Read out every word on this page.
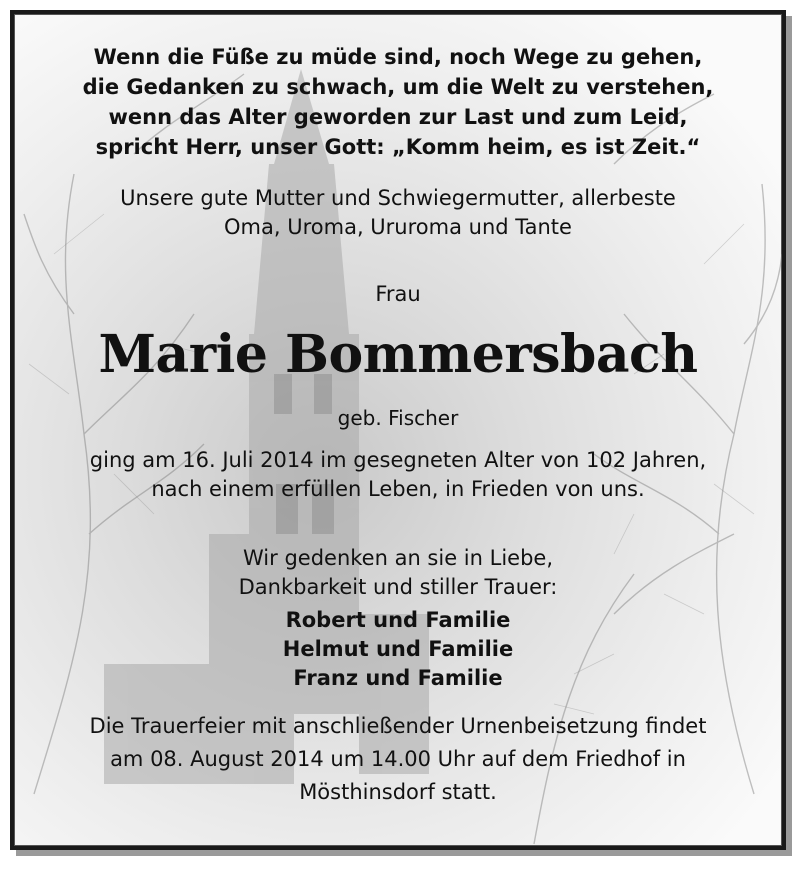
Wenn die Füße zu müde sind, noch Wege zu gehen,
die Gedanken zu schwach, um die Welt zu verstehen,
wenn das Alter geworden zur Last und zum Leid,
spricht Herr, unser Gott: „Komm heim, es ist Zeit.“
Unsere gute Mutter und Schwiegermutter, allerbeste
Oma, Uroma, Ururoma und Tante
Frau
Marie Bommersbach
geb. Fischer
ging am 16. Juli 2014 im gesegneten Alter von 102 Jahren,
nach einem erfüllen Leben, in Frieden von uns.
Wir gedenken an sie in Liebe,
Dankbarkeit und stiller Trauer:
Robert und Familie
Helmut und Familie
Franz und Familie
Die Trauerfeier mit anschließender Urnenbeisetzung findet
am 08. August 2014 um 14.00 Uhr auf dem Friedhof in
Mösthinsdorf statt.
